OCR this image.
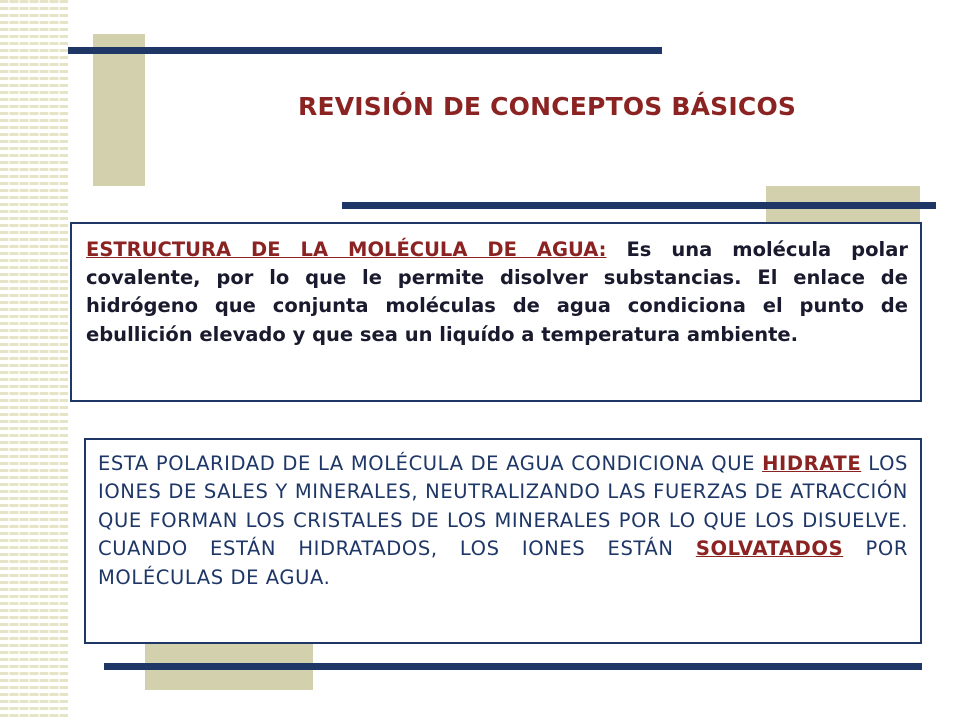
REVISIÓN DE CONCEPTOS BÁSICOS
ESTRUCTURA DE LA MOLÉCULA DE AGUA: Es una molécula polar covalente, por lo que le permite disolver substancias. El enlace de hidrógeno que conjunta moléculas de agua condiciona el punto de ebullición elevado y que sea un liquído a temperatura ambiente.
ESTA POLARIDAD DE LA MOLÉCULA DE AGUA CONDICIONA QUE HIDRATE LOS IONES DE SALES Y MINERALES, NEUTRALIZANDO LAS FUERZAS DE ATRACCIÓN QUE FORMAN LOS CRISTALES DE LOS MINERALES POR LO QUE LOS DISUELVE. CUANDO ESTÁN HIDRATADOS, LOS IONES ESTÁN SOLVATADOS POR MOLÉCULAS DE AGUA.
